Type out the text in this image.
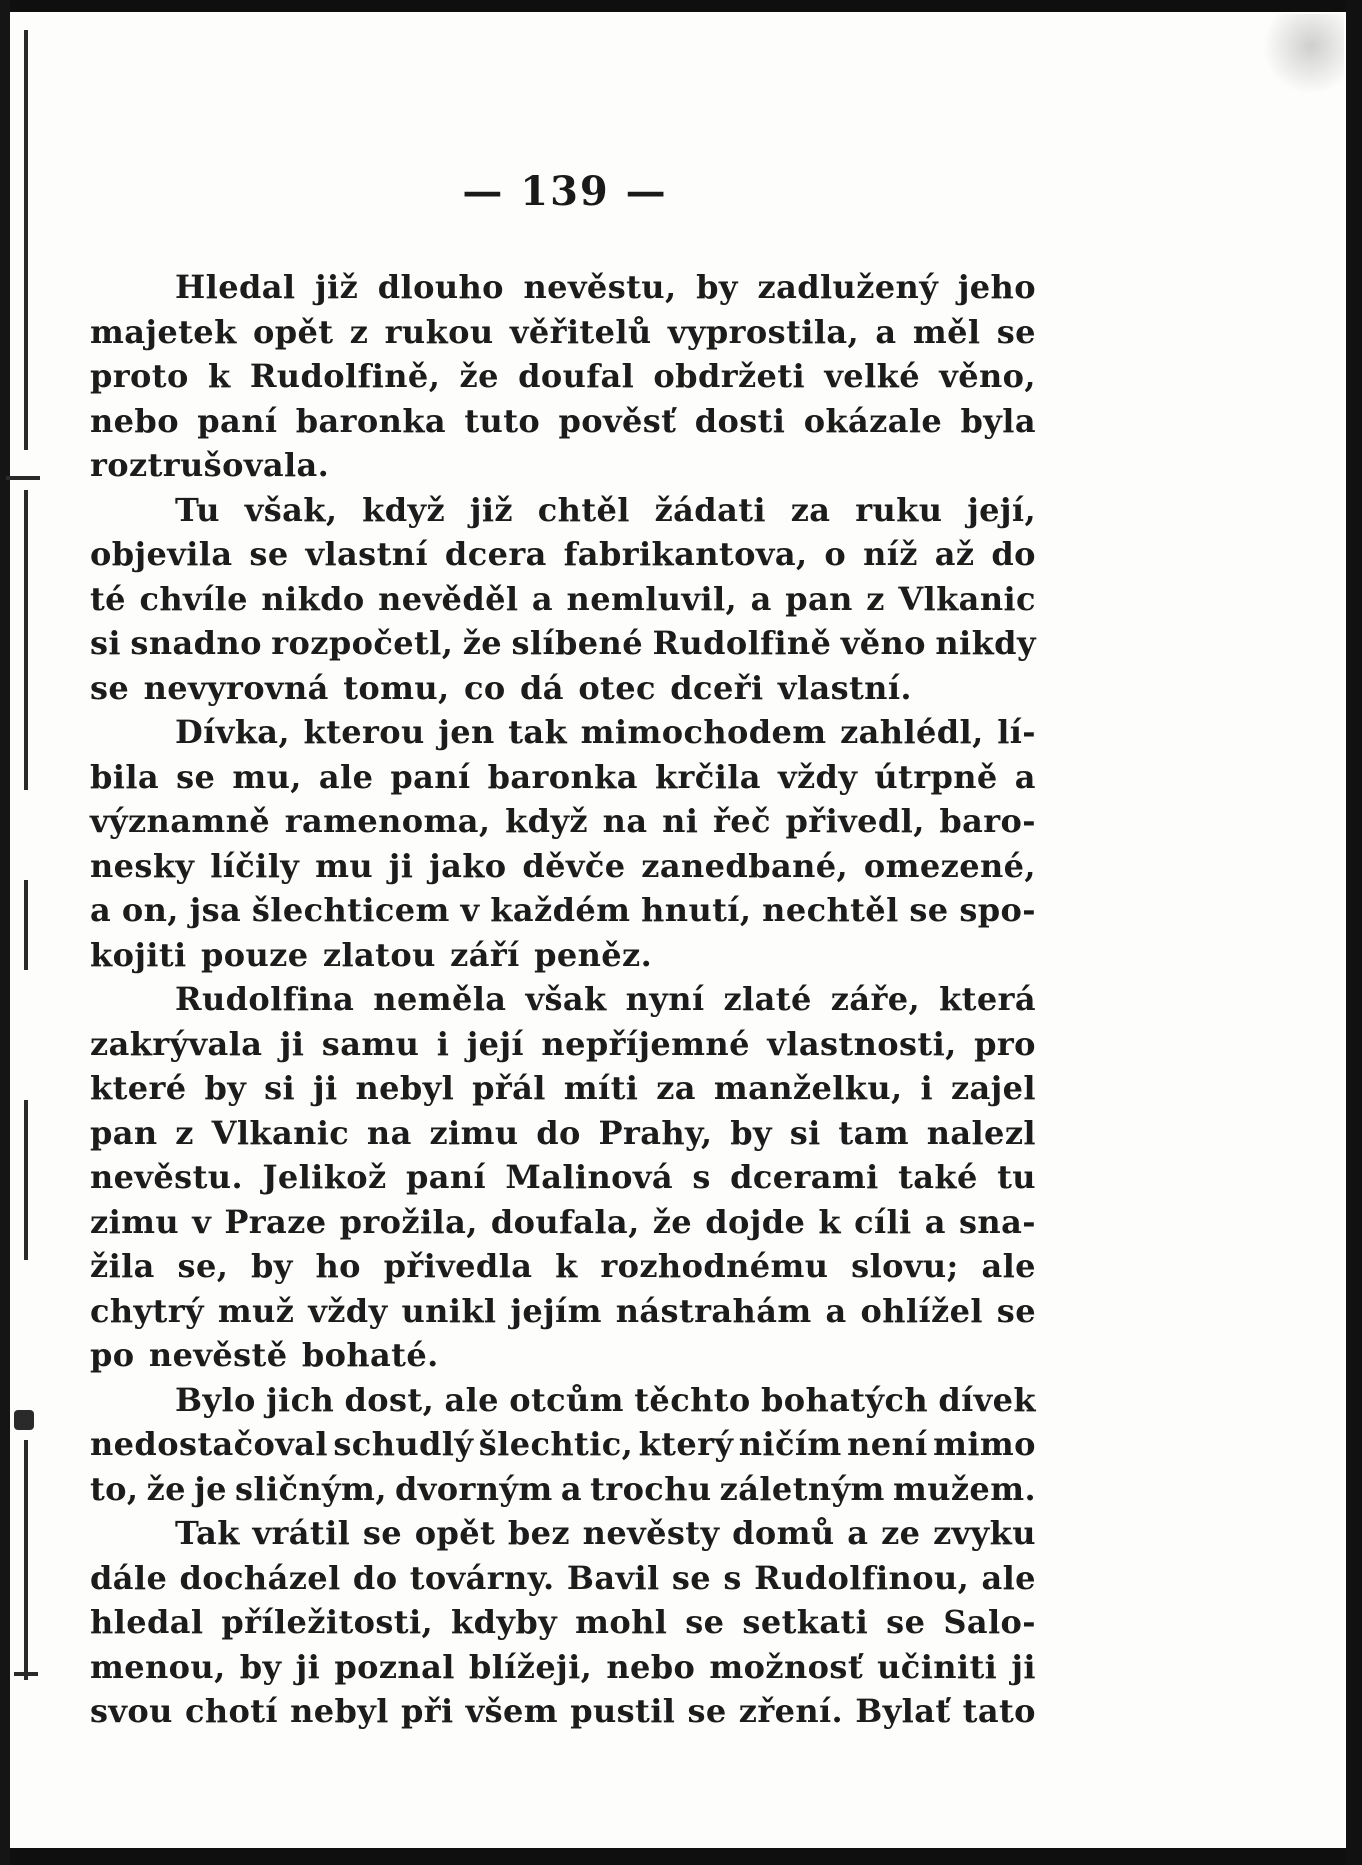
— 139 —
Hledal již dlouho nevěstu, by zadlužený jeho
majetek opět z rukou věřitelů vyprostila, a měl se
proto k Rudolfině, že doufal obdržeti velké věno,
nebo paní baronka tuto pověsť dosti okázale byla
roztrušovala.
Tu však, když již chtěl žádati za ruku její,
objevila se vlastní dcera fabrikantova, o níž až do
té chvíle nikdo nevěděl a nemluvil, a pan z Vlkanic
si snadno rozpočetl, že slíbené Rudolfině věno nikdy
se nevyrovná tomu, co dá otec dceři vlastní.
Dívka, kterou jen tak mimochodem zahlédl, lí-
bila se mu, ale paní baronka krčila vždy útrpně a
významně ramenoma, když na ni řeč přivedl, baro-
nesky líčily mu ji jako děvče zanedbané, omezené,
a on, jsa šlechticem v každém hnutí, nechtěl se spo-
kojiti pouze zlatou září peněz.
Rudolfina neměla však nyní zlaté záře, která
zakrývala ji samu i její nepříjemné vlastnosti, pro
které by si ji nebyl přál míti za manželku, i zajel
pan z Vlkanic na zimu do Prahy, by si tam nalezl
nevěstu. Jelikož paní Malinová s dcerami také tu
zimu v Praze prožila, doufala, že dojde k cíli a sna-
žila se, by ho přivedla k rozhodnému slovu; ale
chytrý muž vždy unikl jejím nástrahám a ohlížel se
po nevěstě bohaté.
Bylo jich dost, ale otcům těchto bohatých dívek
nedostačoval schudlý šlechtic, který ničím není mimo
to, že je sličným, dvorným a trochu záletným mužem.
Tak vrátil se opět bez nevěsty domů a ze zvyku
dále docházel do továrny. Bavil se s Rudolfinou, ale
hledal příležitosti, kdyby mohl se setkati se Salo-
menou, by ji poznal blížeji, nebo možnosť učiniti ji
svou chotí nebyl při všem pustil se zření. Bylať tato
